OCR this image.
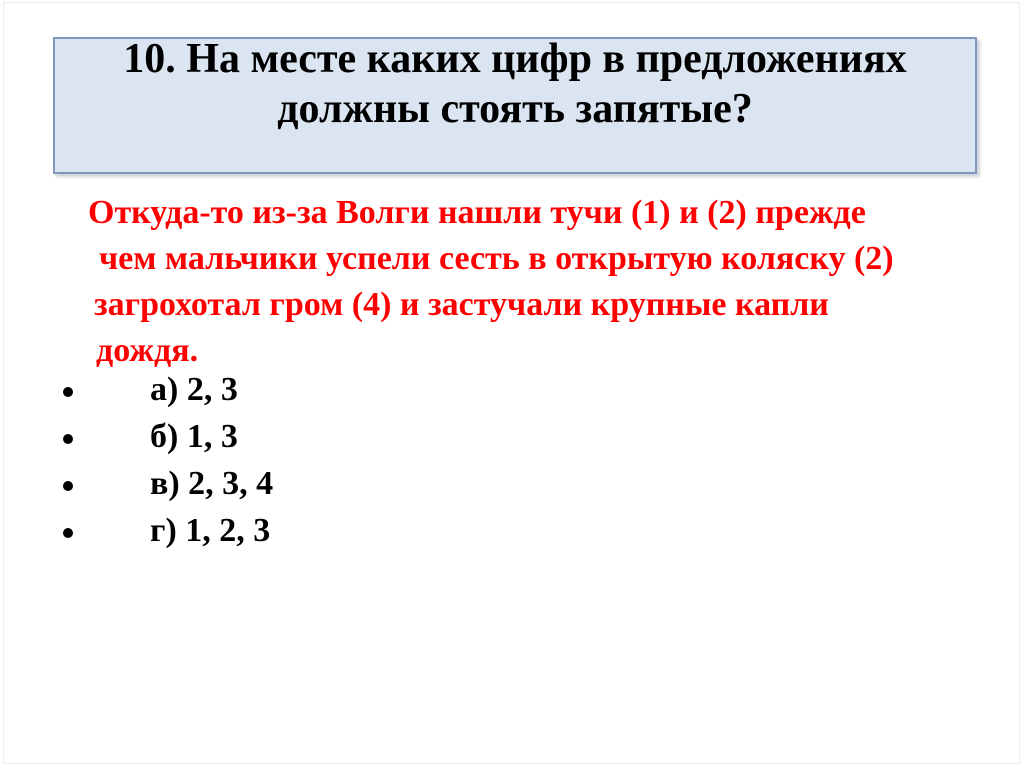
10. На месте каких цифр в предложениях
должны стоять запятые?
Откуда-то из-за Волги нашли тучи (1) и (2) прежде
чем мальчики успели сесть в открытую коляску (2)
загрохотал гром (4) и застучали крупные капли
дождя.
а) 2, 3
б) 1, 3
в) 2, 3, 4
г) 1, 2, 3
